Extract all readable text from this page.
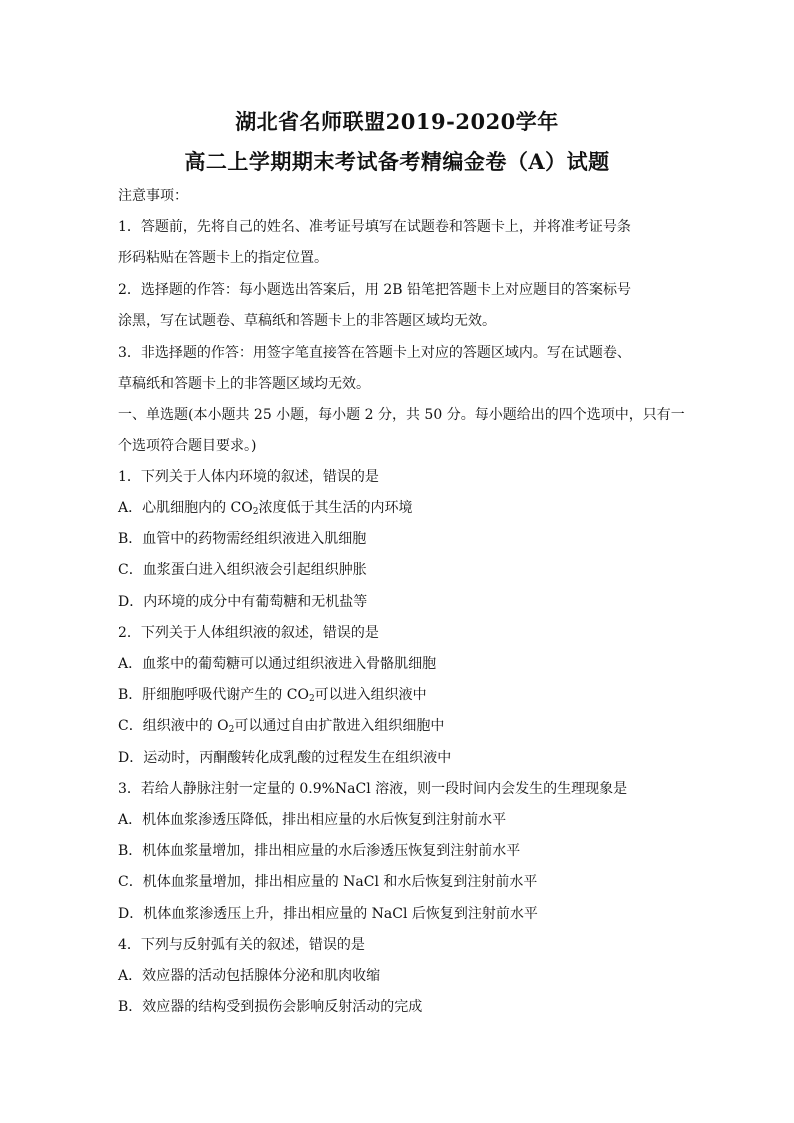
湖北省名师联盟2019-2020学年
高二上学期期末考试备考精编金卷（A）试题
注意事项：
1．答题前，先将自己的姓名、准考证号填写在试题卷和答题卡上，并将准考证号条
形码粘贴在答题卡上的指定位置。
2．选择题的作答：每小题选出答案后，用 2B 铅笔把答题卡上对应题目的答案标号
涂黑，写在试题卷、草稿纸和答题卡上的非答题区域均无效。
3．非选择题的作答：用签字笔直接答在答题卡上对应的答题区域内。写在试题卷、
草稿纸和答题卡上的非答题区域均无效。
一、单选题(本小题共 25 小题，每小题 2 分，共 50 分。每小题给出的四个选项中，只有一
个选项符合题目要求。)
1．下列关于人体内环境的叙述，错误的是
A．心肌细胞内的 $CO_2$浓度低于其生活的内环境
B．血管中的药物需经组织液进入肌细胞
C．血浆蛋白进入组织液会引起组织肿胀
D．内环境的成分中有葡萄糖和无机盐等
2．下列关于人体组织液的叙述，错误的是
A．血浆中的葡萄糖可以通过组织液进入骨骼肌细胞
B．肝细胞呼吸代谢产生的 $CO_2$可以进入组织液中
C．组织液中的 $O_2$可以通过自由扩散进入组织细胞中
D．运动时，丙酮酸转化成乳酸的过程发生在组织液中
3．若给人静脉注射一定量的 0.9%NaCl 溶液，则一段时间内会发生的生理现象是
A．机体血浆渗透压降低，排出相应量的水后恢复到注射前水平
B．机体血浆量增加，排出相应量的水后渗透压恢复到注射前水平
C．机体血浆量增加，排出相应量的 NaCl 和水后恢复到注射前水平
D．机体血浆渗透压上升，排出相应量的 NaCl 后恢复到注射前水平
4．下列与反射弧有关的叙述，错误的是
A．效应器的活动包括腺体分泌和肌肉收缩
B．效应器的结构受到损伤会影响反射活动的完成
